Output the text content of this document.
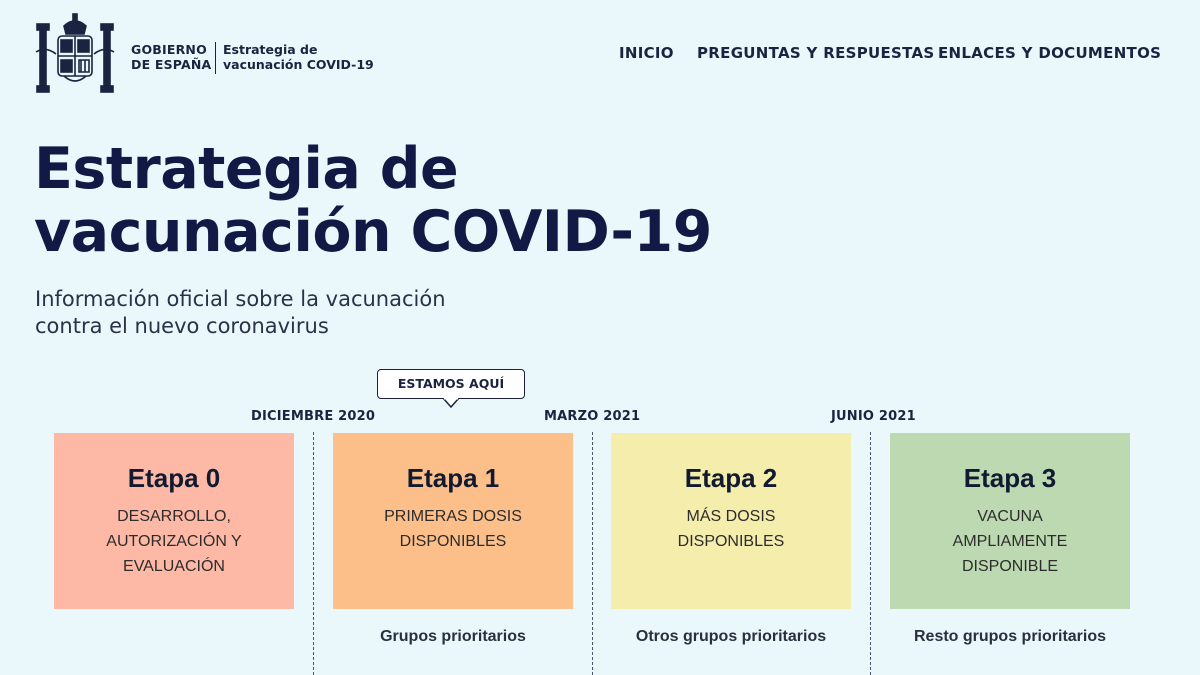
GOBIERNO
DE ESPAÑA
Estrategia de
vacunación COVID-19
INICIO PREGUNTAS Y RESPUESTAS ENLACES Y DOCUMENTOS
Estrategia de
vacunación COVID-19
Información oficial sobre la vacunación
contra el nuevo coronavirus
ESTAMOS AQUÍ
DICIEMBRE 2020	MARZO 2021	JUNIO 2021
Etapa 0
DESARROLLO,
AUTORIZACIÓN Y
EVALUACIÓN
Etapa 1
PRIMERAS DOSIS
DISPONIBLES
Etapa 2
MÁS DOSIS
DISPONIBLES
Etapa 3
VACUNA
AMPLIAMENTE
DISPONIBLE
Grupos prioritarios	Otros grupos prioritarios	Resto grupos prioritarios
